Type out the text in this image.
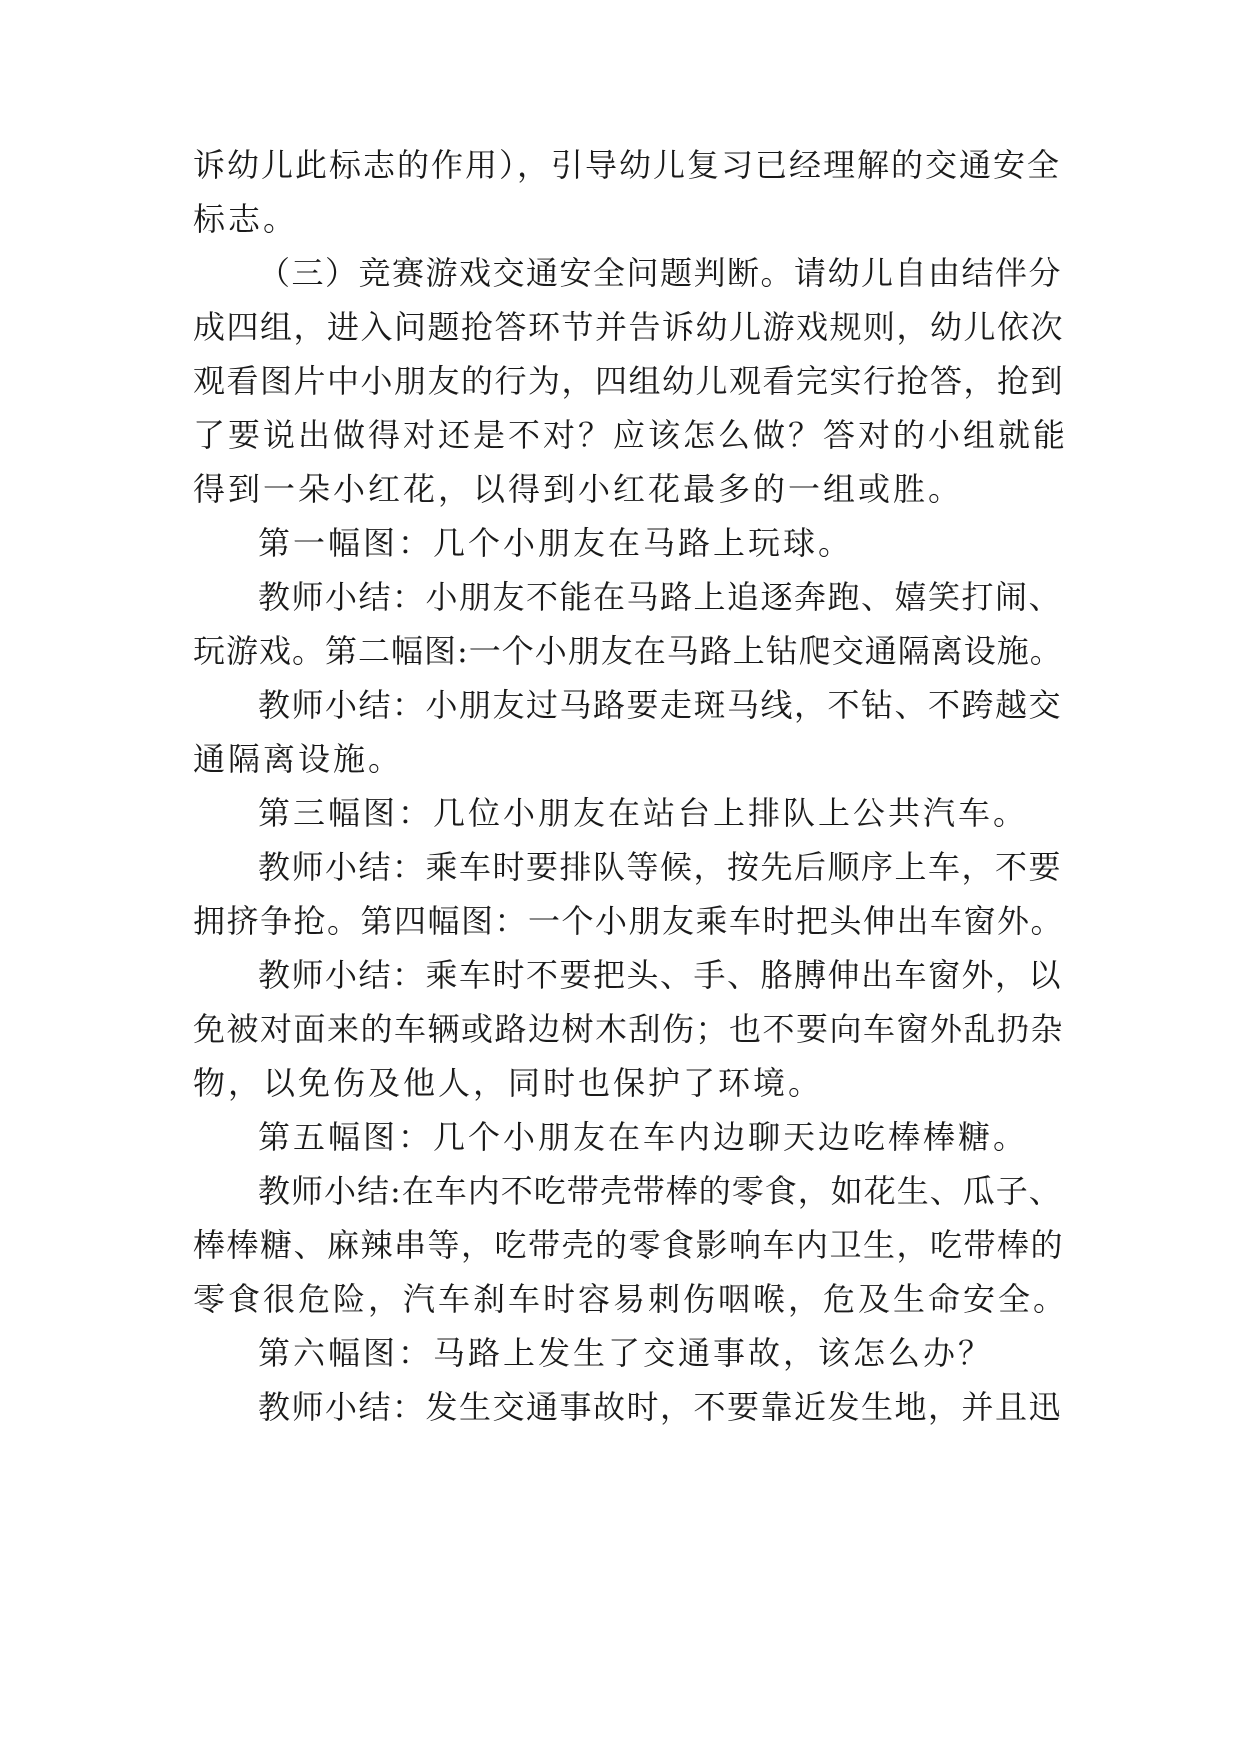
诉幼儿此标志的作用），引导幼儿复习已经理解的交通安全
标志。
（三）竞赛游戏交通安全问题判断。请幼儿自由结伴分
成四组，进入问题抢答环节并告诉幼儿游戏规则，幼儿依次
观看图片中小朋友的行为，四组幼儿观看完实行抢答，抢到
了要说出做得对还是不对？应该怎么做？答对的小组就能
得到一朵小红花，以得到小红花最多的一组或胜。
第一幅图：几个小朋友在马路上玩球。
教师小结：小朋友不能在马路上追逐奔跑、嬉笑打闹、
玩游戏。第二幅图:一个小朋友在马路上钻爬交通隔离设施。
教师小结：小朋友过马路要走斑马线，不钻、不跨越交
通隔离设施。
第三幅图：几位小朋友在站台上排队上公共汽车。
教师小结：乘车时要排队等候，按先后顺序上车，不要
拥挤争抢。第四幅图：一个小朋友乘车时把头伸出车窗外。
教师小结：乘车时不要把头、手、胳膊伸出车窗外，以
免被对面来的车辆或路边树木刮伤；也不要向车窗外乱扔杂
物，以免伤及他人，同时也保护了环境。
第五幅图：几个小朋友在车内边聊天边吃棒棒糖。
教师小结:在车内不吃带壳带棒的零食，如花生、瓜子、
棒棒糖、麻辣串等，吃带壳的零食影响车内卫生，吃带棒的
零食很危险，汽车刹车时容易刺伤咽喉，危及生命安全。
第六幅图：马路上发生了交通事故，该怎么办？
教师小结：发生交通事故时，不要靠近发生地，并且迅
